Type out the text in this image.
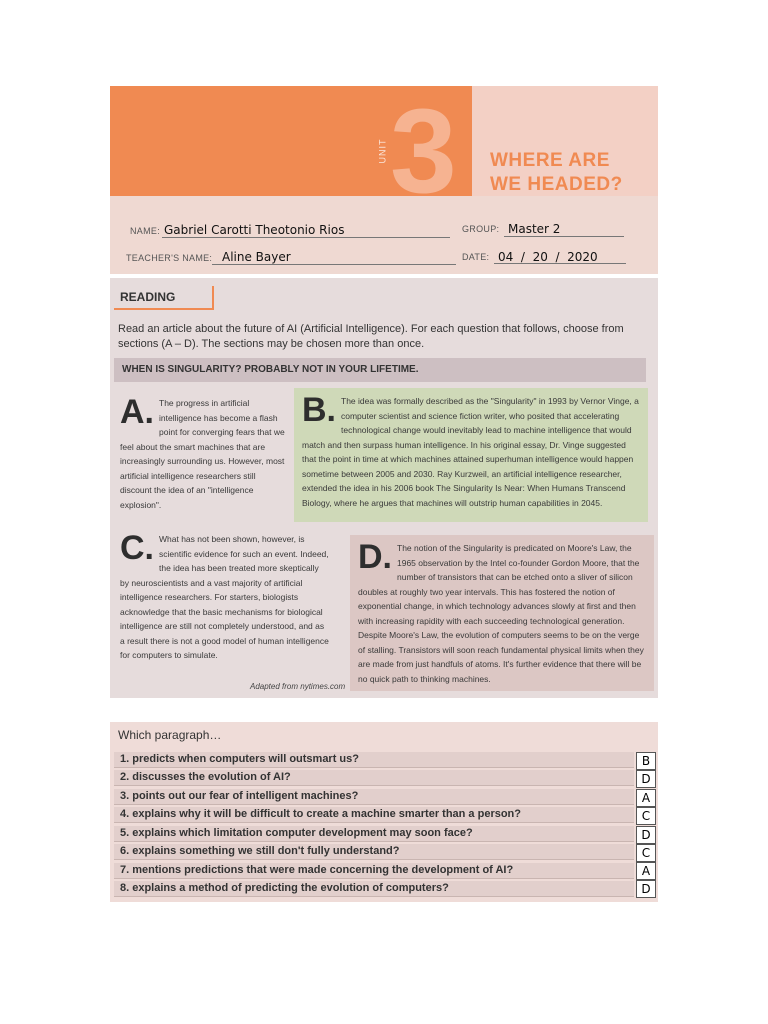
UNIT 3 WHERE ARE
WE HEADED?
NAME: Gabriel Carotti Theotonio Rios	GROUP: Master 2
TEACHER'S NAME: Aline Bayer	DATE: 04  /  20  /  2020
READING
Read an article about the future of AI (Artificial Intelligence). For each question that follows, choose from sections (A – D). The sections may be chosen more than once.
WHEN IS SINGULARITY? PROBABLY NOT IN YOUR LIFETIME.
A. The progress in artificial intelligence has become a flash point for converging fears that we feel about the smart machines that are increasingly surrounding us. However, most artificial intelligence researchers still discount the idea of an "intelligence explosion".
B. The idea was formally described as the "Singularity" in 1993 by Vernor Vinge, a computer scientist and science fiction writer, who posited that accelerating technological change would inevitably lead to machine intelligence that would match and then surpass human intelligence. In his original essay, Dr. Vinge suggested that the point in time at which machines attained superhuman intelligence would happen sometime between 2005 and 2030. Ray Kurzweil, an artificial intelligence researcher, extended the idea in his 2006 book The Singularity Is Near: When Humans Transcend Biology, where he argues that machines will outstrip human capabilities in 2045.
C. What has not been shown, however, is scientific evidence for such an event. Indeed, the idea has been treated more skeptically by neuroscientists and a vast majority of artificial intelligence researchers. For starters, biologists acknowledge that the basic mechanisms for biological intelligence are still not completely understood, and as a result there is not a good model of human intelligence for computers to simulate.
D. The notion of the Singularity is predicated on Moore's Law, the 1965 observation by the Intel co-founder Gordon Moore, that the number of transistors that can be etched onto a sliver of silicon doubles at roughly two year intervals. This has fostered the notion of exponential change, in which technology advances slowly at first and then with increasing rapidity with each succeeding technological generation. Despite Moore's Law, the evolution of computers seems to be on the verge of stalling. Transistors will soon reach fundamental physical limits when they are made from just handfuls of atoms. It's further evidence that there will be no quick path to thinking machines.
Adapted from nytimes.com
Which paragraph…
1. predicts when computers will outsmart us?
2. discusses the evolution of AI?
3. points out our fear of intelligent machines?
4. explains why it will be difficult to create a machine smarter than a person?
5. explains which limitation computer development may soon face?
6. explains something we still don't fully understand?
7. mentions predictions that were made concerning the development of AI?
8. explains a method of predicting the evolution of computers?
B
D
A
C
D
C
A
D
